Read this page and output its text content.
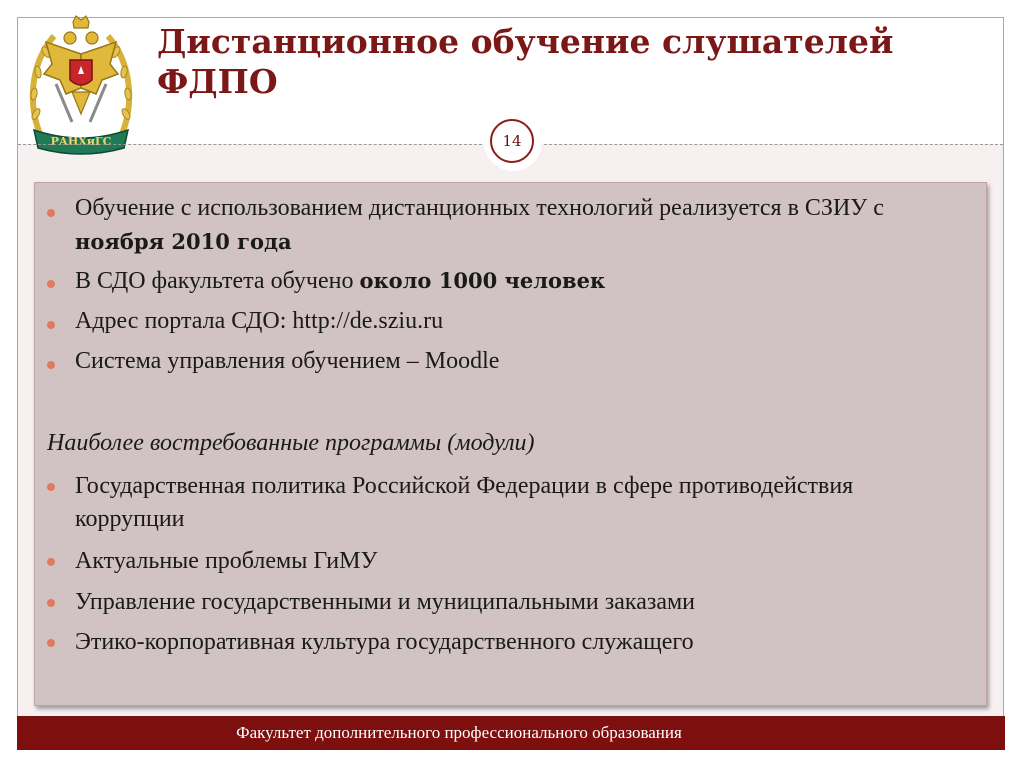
РАНХиГС
Дистанционное обучение слушателей ФДПО
14
Обучение с использованием дистанционных технологий реализуется в СЗИУ с ноября 2010 года
В СДО факультета обучено около 1000 человек
Адрес портала СДО: http://de.sziu.ru
Система управления обучением – Moodle
Наиболее востребованные программы (модули)
Государственная политика Российской Федерации в сфере противодействия коррупции
Актуальные проблемы ГиМУ
Управление государственными и муниципальными заказами
Этико-корпоративная культура государственного служащего
Факультет дополнительного профессионального образования
